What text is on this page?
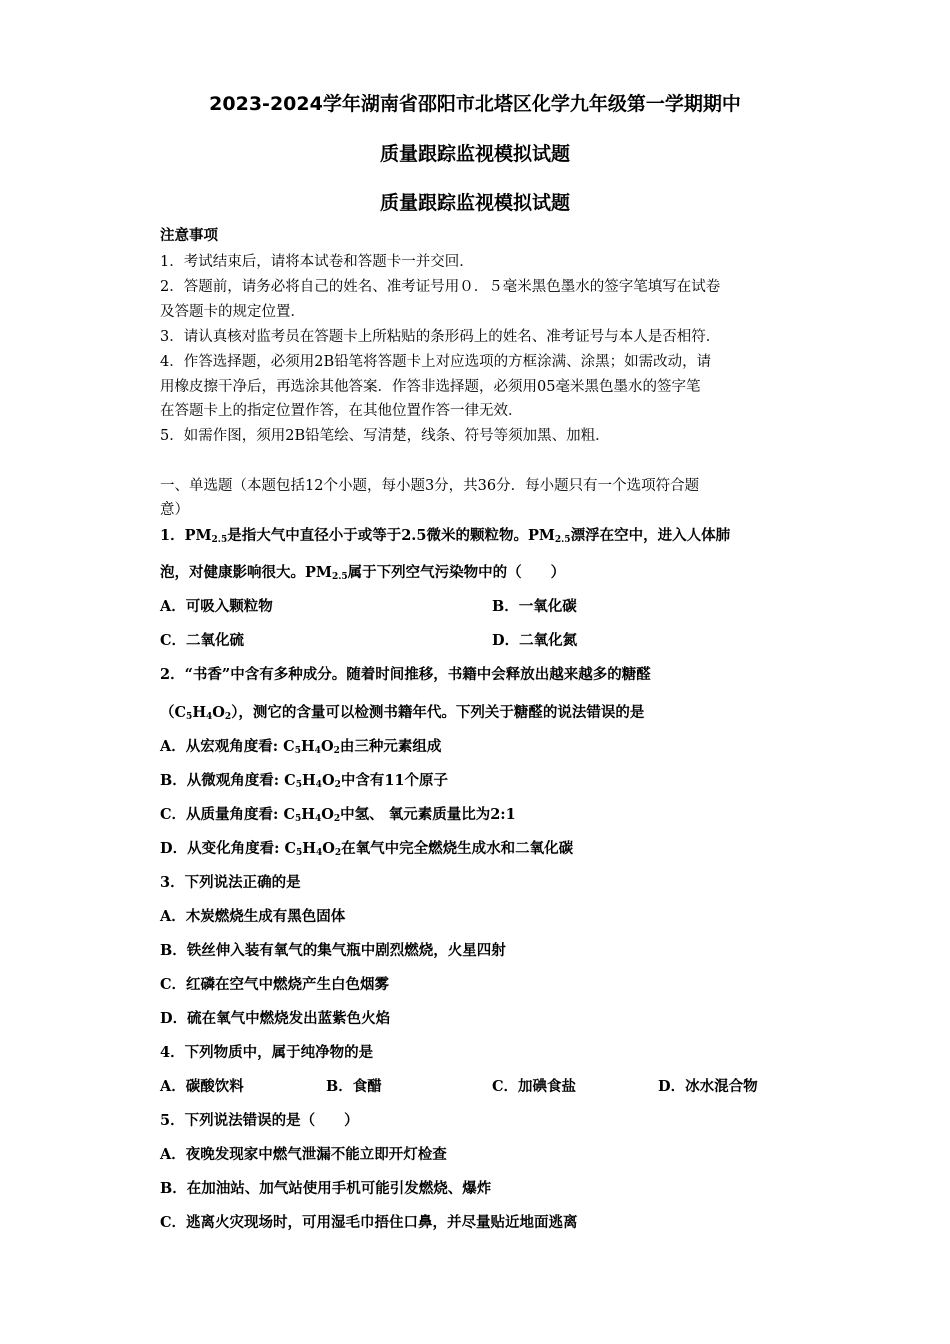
2023-2024学年湖南省邵阳市北塔区化学九年级第一学期期中
质量跟踪监视模拟试题
质量跟踪监视模拟试题
注意事项
1．考试结束后，请将本试卷和答题卡一并交回．
2．答题前，请务必将自己的姓名、准考证号用０．５毫米黑色墨水的签字笔填写在试卷
及答题卡的规定位置．
3．请认真核对监考员在答题卡上所粘贴的条形码上的姓名、准考证号与本人是否相符．
4．作答选择题，必须用2B铅笔将答题卡上对应选项的方框涂满、涂黑；如需改动，请
用橡皮擦干净后，再选涂其他答案．作答非选择题，必须用05毫米黑色墨水的签字笔
在答题卡上的指定位置作答，在其他位置作答一律无效．
5．如需作图，须用2B铅笔绘、写清楚，线条、符号等须加黑、加粗．
一、单选题（本题包括12个小题，每小题3分，共36分．每小题只有一个选项符合题
意）
1．$PM_{2.5}$是指大气中直径小于或等于2.5微米的颗粒物。$PM_{2.5}$漂浮在空中，进入人体肺
泡，对健康影响很大。$PM_{2.5}$属于下列空气污染物中的（　　）
A．可吸入颗粒物	B．一氧化碳
C．二氧化硫	D．二氧化氮
2．“书香”中含有多种成分。随着时间推移，书籍中会释放出越来越多的糖醛
$(C_5H_4O_2)$，测它的含量可以检测书籍年代。下列关于糖醛的说法错误的是
A．从宏观角度看: $C_5H_4O_2$由三种元素组成
B．从微观角度看: $C_5H_4O_2$中含有11个原子
C．从质量角度看: $C_5H_4O_2$中氢、 氧元素质量比为2:1
D．从变化角度看: $C_5H_4O_2$在氧气中完全燃烧生成水和二氧化碳
3．下列说法正确的是
A．木炭燃烧生成有黑色固体
B．铁丝伸入装有氧气的集气瓶中剧烈燃烧，火星四射
C．红磷在空气中燃烧产生白色烟雾
D．硫在氧气中燃烧发出蓝紫色火焰
4．下列物质中，属于纯净物的是
A．碳酸饮料	B．食醋	C．加碘食盐	D．冰水混合物
5．下列说法错误的是（　　）
A．夜晚发现家中燃气泄漏不能立即开灯检查
B．在加油站、加气站使用手机可能引发燃烧、爆炸
C．逃离火灾现场时，可用湿毛巾捂住口鼻，并尽量贴近地面逃离
